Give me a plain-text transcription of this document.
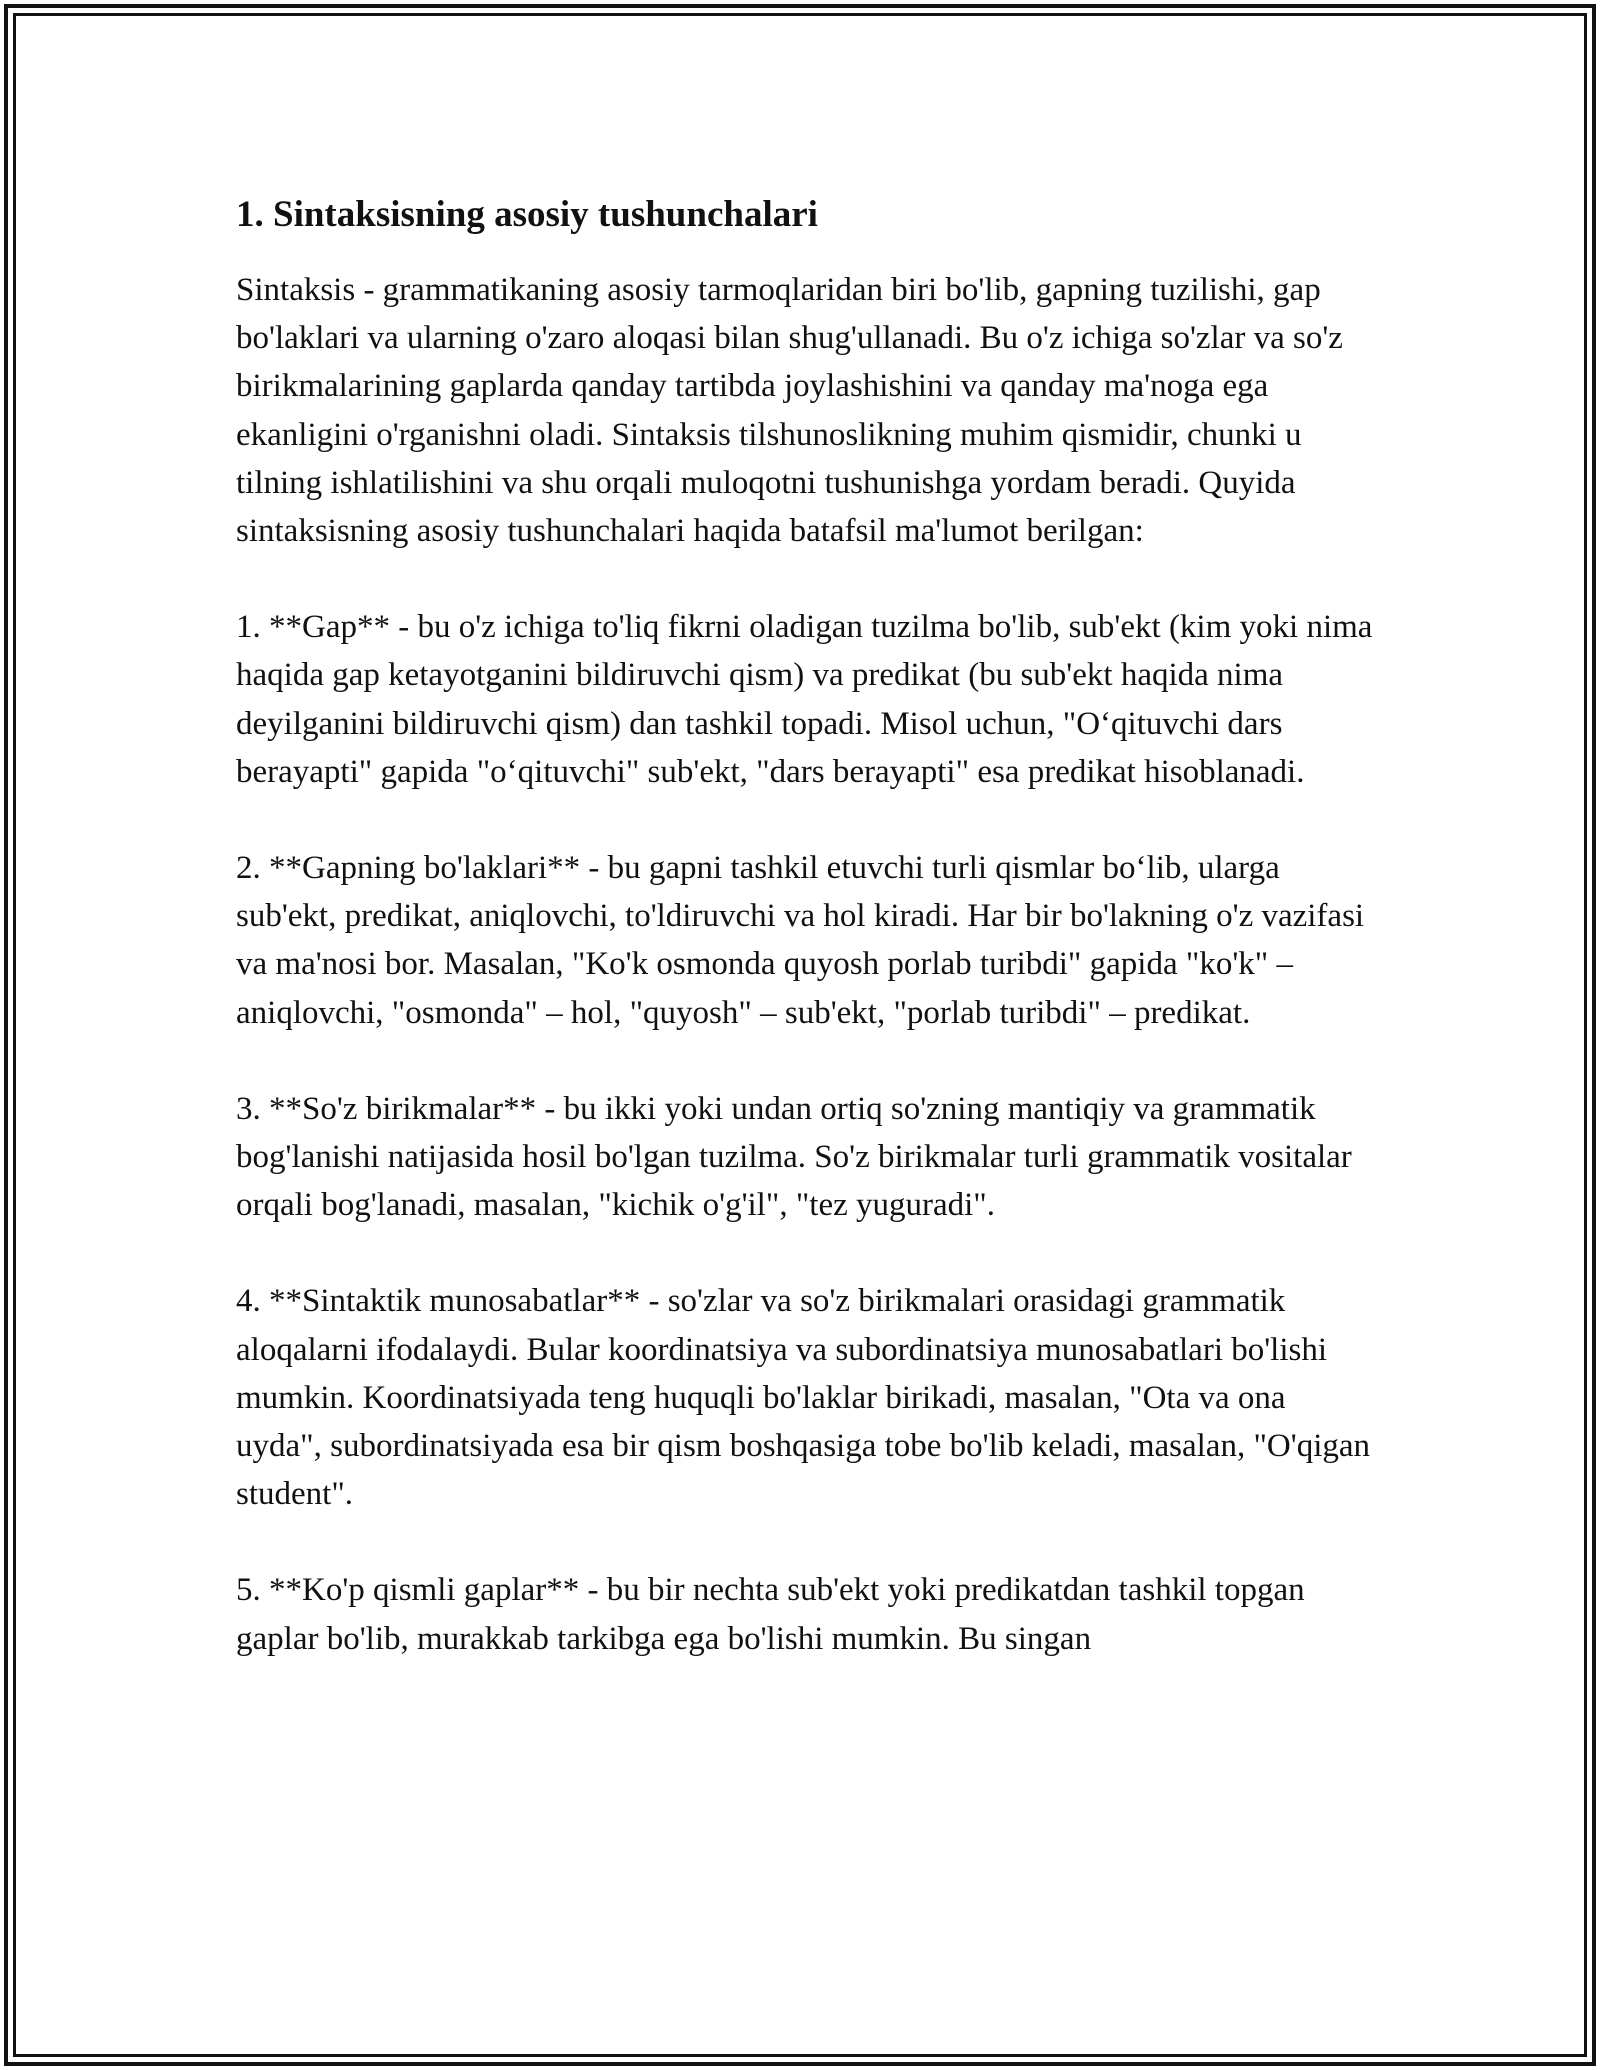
1. Sintaksisning asosiy tushunchalari

Sintaksis - grammatikaning asosiy tarmoqlaridan biri bo'lib, gapning tuzilishi, gap bo'laklari va ularning o'zaro aloqasi bilan shug'ullanadi. Bu o'z ichiga so'zlar va so'z birikmalarining gaplarda qanday tartibda joylashishini va qanday ma'noga ega ekanligini o'rganishni oladi. Sintaksis tilshunoslikning muhim qismidir, chunki u tilning ishlatilishini va shu orqali muloqotni tushunishga yordam beradi. Quyida sintaksisning asosiy tushunchalari haqida batafsil ma'lumot berilgan:

1. **Gap** - bu o'z ichiga to'liq fikrni oladigan tuzilma bo'lib, sub'ekt (kim yoki nima haqida gap ketayotganini bildiruvchi qism) va predikat (bu sub'ekt haqida nima deyilganini bildiruvchi qism) dan tashkil topadi. Misol uchun, "O‘qituvchi dars berayapti" gapida "o‘qituvchi" sub'ekt, "dars berayapti" esa predikat hisoblanadi.

2. **Gapning bo'laklari** - bu gapni tashkil etuvchi turli qismlar bo‘lib, ularga sub'ekt, predikat, aniqlovchi, to'ldiruvchi va hol kiradi. Har bir bo'lakning o'z vazifasi va ma'nosi bor. Masalan, "Ko'k osmonda quyosh porlab turibdi" gapida "ko'k" – aniqlovchi, "osmonda" – hol, "quyosh" – sub'ekt, "porlab turibdi" – predikat.

3. **So'z birikmalar** - bu ikki yoki undan ortiq so'zning mantiqiy va grammatik bog'lanishi natijasida hosil bo'lgan tuzilma. So'z birikmalar turli grammatik vositalar orqali bog'lanadi, masalan, "kichik o'g'il", "tez yuguradi".

4. **Sintaktik munosabatlar** - so'zlar va so'z birikmalari orasidagi grammatik aloqalarni ifodalaydi. Bular koordinatsiya va subordinatsiya munosabatlari bo'lishi mumkin. Koordinatsiyada teng huquqli bo'laklar birikadi, masalan, "Ota va ona uyda", subordinatsiyada esa bir qism boshqasiga tobe bo'lib keladi, masalan, "O'qigan student".

5. **Ko'p qismli gaplar** - bu bir nechta sub'ekt yoki predikatdan tashkil topgan gaplar bo'lib, murakkab tarkibga ega bo'lishi mumkin. Bu singan
